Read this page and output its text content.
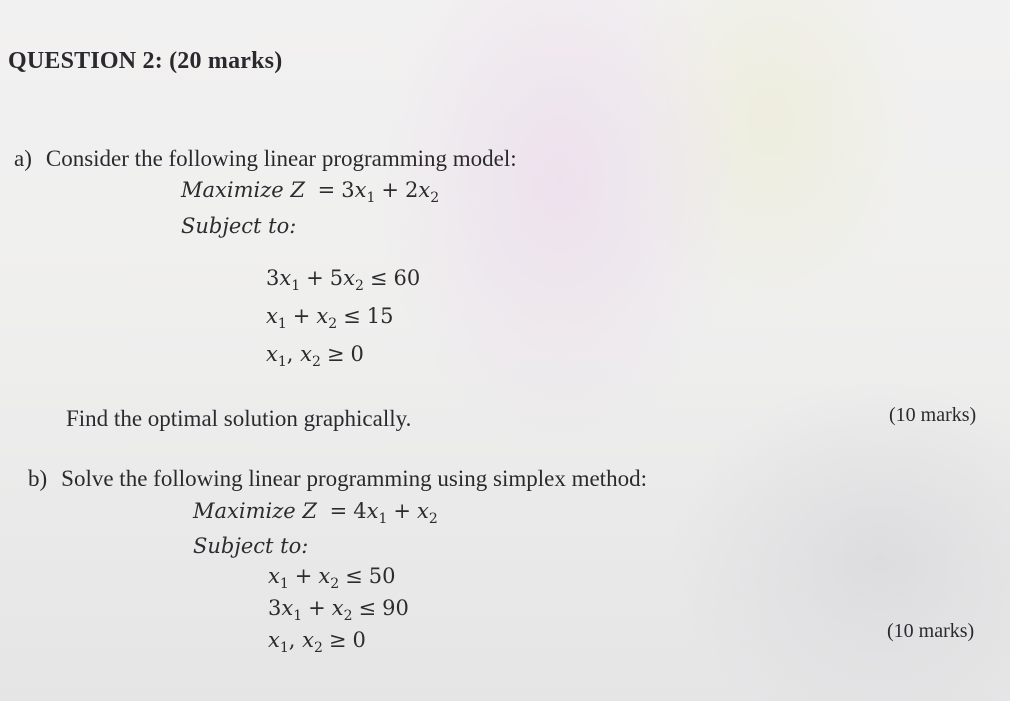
QUESTION 2: (20 marks)
a) Consider the following linear programming model:
Maximize $Z = 3x_1 + 2x_2$
Subject to:
$3x_1 + 5x_2 \le 60$
$x_1 + x_2 \le 15$
$x_1$, $x_2 \ge 0$
Find the optimal solution graphically.	(10 marks)
b) Solve the following linear programming using simplex method:
Maximize $Z = 4x_1 + x_2$
Subject to:
$x_1 + x_2 \le 50$
$3x_1 + x_2 \le 90$
$x_1$, $x_2 \ge 0$	(10 marks)
